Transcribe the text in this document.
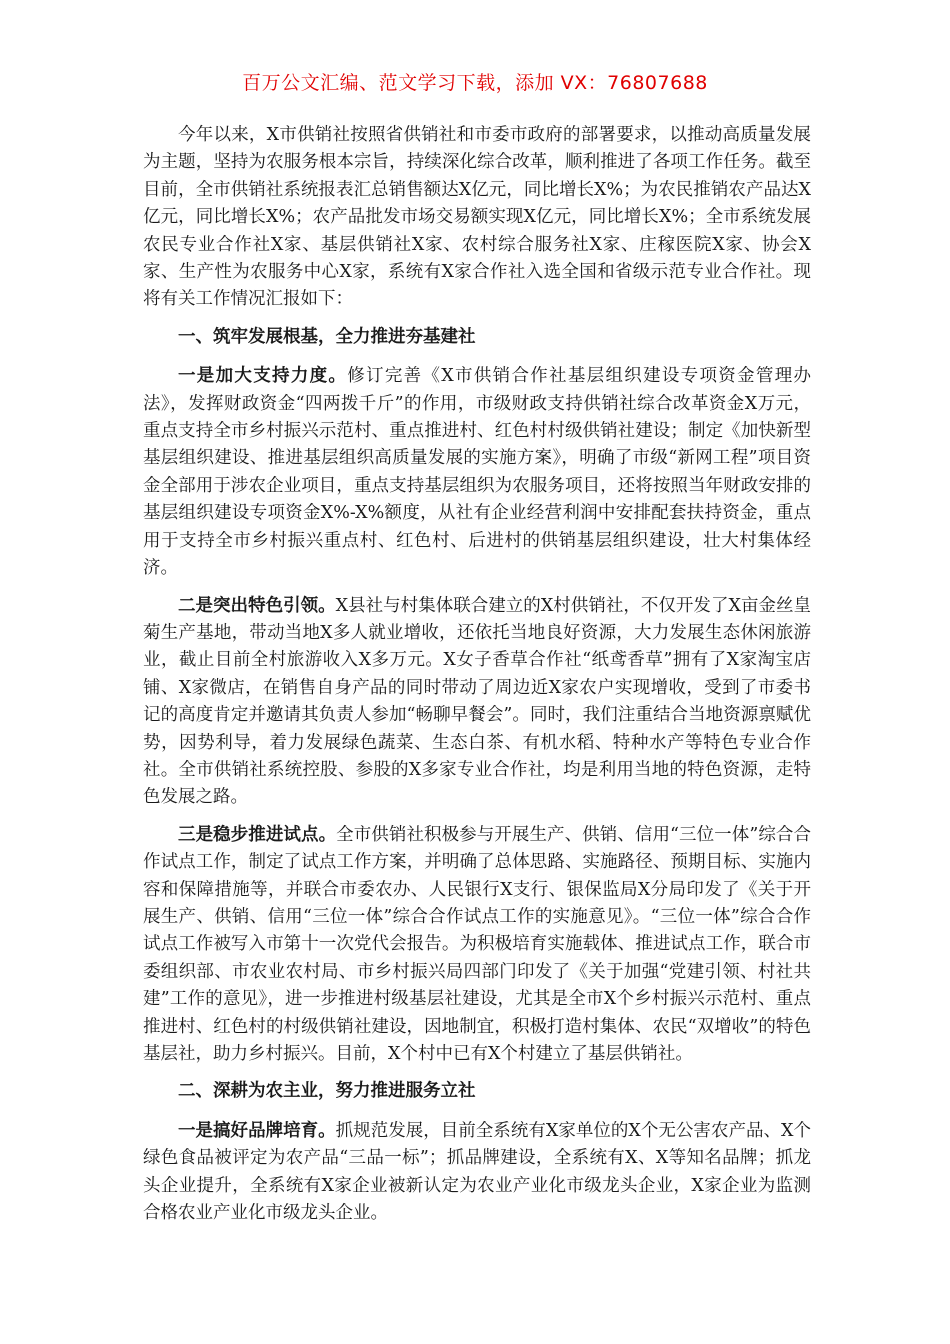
百万公文汇编、范文学习下载，添加 VX：76807688

今年以来，X市供销社按照省供销社和市委市政府的部署要求，以推动高质量发展为主题，坚持为农服务根本宗旨，持续深化综合改革，顺利推进了各项工作任务。截至目前，全市供销社系统报表汇总销售额达X亿元，同比增长X%；为农民推销农产品达X亿元，同比增长X%；农产品批发市场交易额实现X亿元，同比增长X%；全市系统发展农民专业合作社X家、基层供销社X家、农村综合服务社X家、庄稼医院X家、协会X家、生产性为农服务中心X家，系统有X家合作社入选全国和省级示范专业合作社。现将有关工作情况汇报如下：

一、筑牢发展根基，全力推进夯基建社

一是加大支持力度。修订完善《X市供销合作社基层组织建设专项资金管理办法》，发挥财政资金“四两拨千斤”的作用，市级财政支持供销社综合改革资金X万元，重点支持全市乡村振兴示范村、重点推进村、红色村村级供销社建设；制定《加快新型基层组织建设、推进基层组织高质量发展的实施方案》，明确了市级“新网工程”项目资金全部用于涉农企业项目，重点支持基层组织为农服务项目，还将按照当年财政安排的基层组织建设专项资金X%-X%额度，从社有企业经营利润中安排配套扶持资金，重点用于支持全市乡村振兴重点村、红色村、后进村的供销基层组织建设，壮大村集体经济。

二是突出特色引领。X县社与村集体联合建立的X村供销社，不仅开发了X亩金丝皇菊生产基地，带动当地X多人就业增收，还依托当地良好资源，大力发展生态休闲旅游业，截止目前全村旅游收入X多万元。X女子香草合作社“纸鸢香草”拥有了X家淘宝店铺、X家微店，在销售自身产品的同时带动了周边近X家农户实现增收，受到了市委书记的高度肯定并邀请其负责人参加“畅聊早餐会”。同时，我们注重结合当地资源禀赋优势，因势利导，着力发展绿色蔬菜、生态白茶、有机水稻、特种水产等特色专业合作社。全市供销社系统控股、参股的X多家专业合作社，均是利用当地的特色资源，走特色发展之路。

三是稳步推进试点。全市供销社积极参与开展生产、供销、信用“三位一体”综合合作试点工作，制定了试点工作方案，并明确了总体思路、实施路径、预期目标、实施内容和保障措施等，并联合市委农办、人民银行X支行、银保监局X分局印发了《关于开展生产、供销、信用“三位一体”综合合作试点工作的实施意见》。“三位一体”综合合作试点工作被写入市第十一次党代会报告。为积极培育实施载体、推进试点工作，联合市委组织部、市农业农村局、市乡村振兴局四部门印发了《关于加强“党建引领、村社共建”工作的意见》，进一步推进村级基层社建设，尤其是全市X个乡村振兴示范村、重点推进村、红色村的村级供销社建设，因地制宜，积极打造村集体、农民“双增收”的特色基层社，助力乡村振兴。目前，X个村中已有X个村建立了基层供销社。

二、深耕为农主业，努力推进服务立社

一是搞好品牌培育。抓规范发展，目前全系统有X家单位的X个无公害农产品、X个绿色食品被评定为农产品“三品一标”；抓品牌建设，全系统有X、X等知名品牌；抓龙头企业提升，全系统有X家企业被新认定为农业产业化市级龙头企业，X家企业为监测合格农业产业化市级龙头企业。
